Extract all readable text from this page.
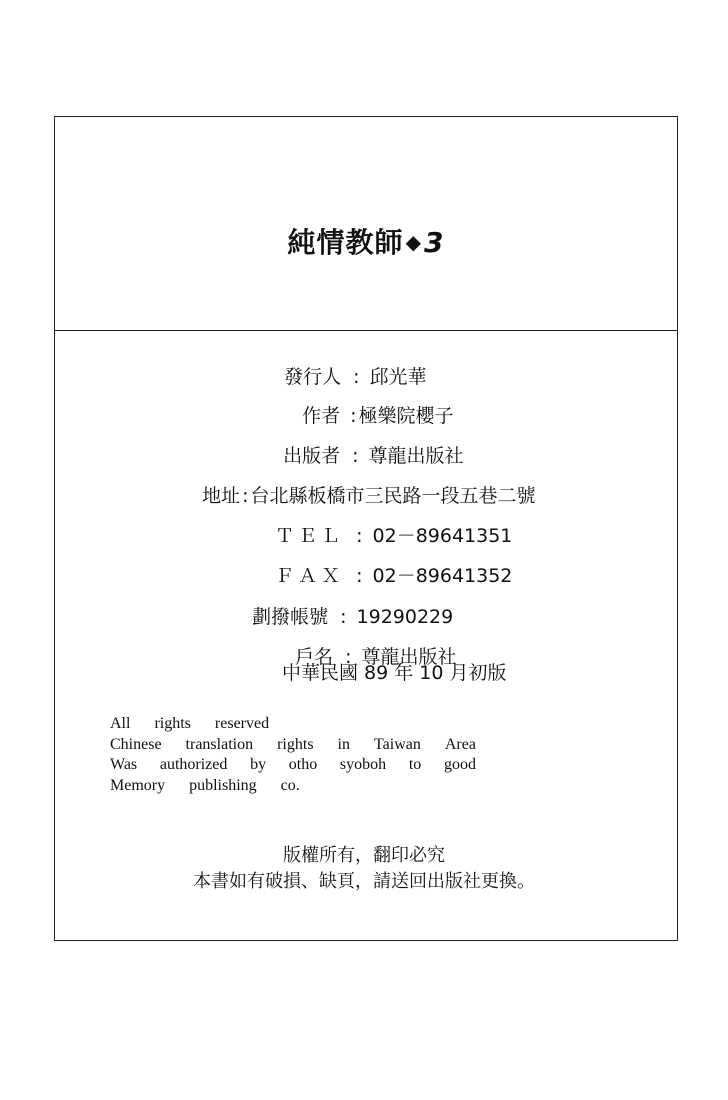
純情教師 ◆3

發行人 : 邱光華

作者 : 極樂院櫻子

出版者 : 尊龍出版社

地址 : 台北縣板橋市三民路一段五巷二號

ＴＥＬ : 02－89641351

ＦＡＸ : 02－89641352

劃撥帳號 : 19290229

戶名 : 尊龍出版社

中華民國 89 年 10 月初版
All rights reserved
Chinese translation rights in Taiwan Area
Was authorized by otho syoboh to good
Memory publishing co.
版權所有，翻印必究
本書如有破損、缺頁，請送回出版社更換。
